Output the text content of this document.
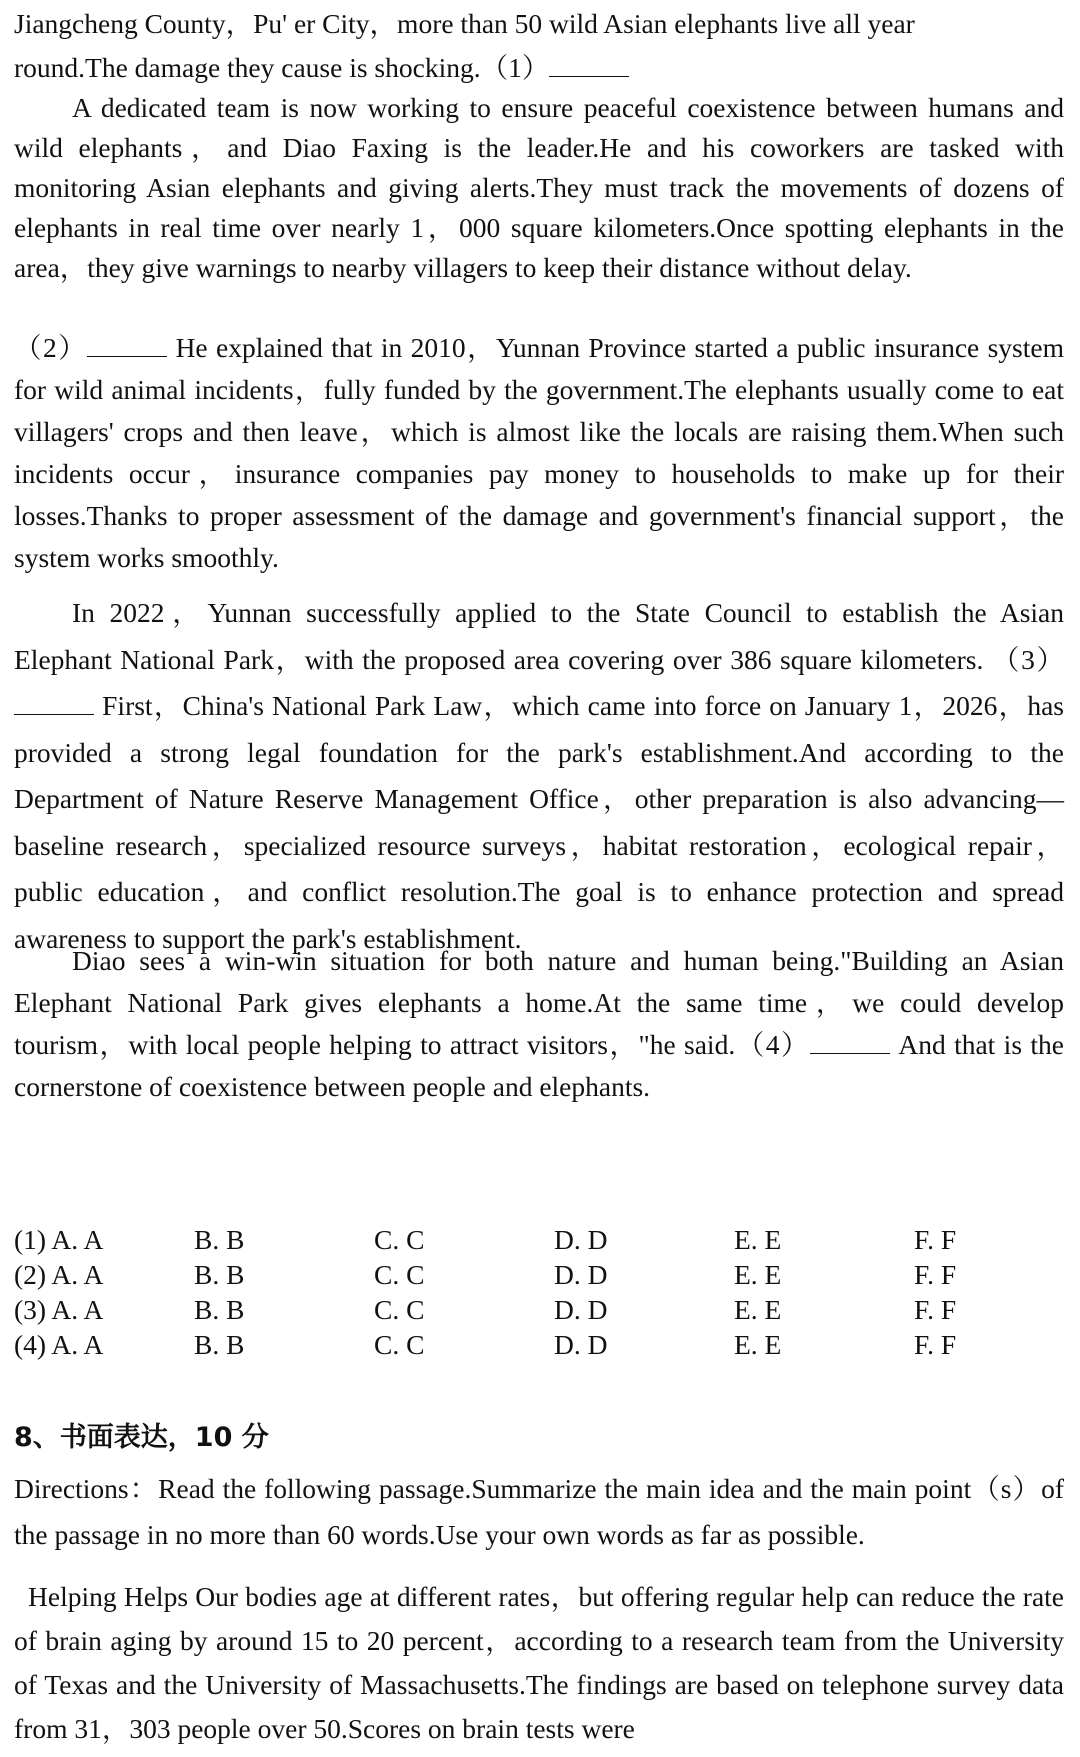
Jiangcheng County，Pu' er City，more than 50 wild Asian elephants live all year
round.The damage they cause is shocking.（1）

A dedicated team is now working to ensure peaceful coexistence between humans and wild elephants，and Diao Faxing is the leader.He and his coworkers are tasked with monitoring Asian elephants and giving alerts.They must track the movements of dozens of elephants in real time over nearly 1，000 square kilometers.Once spotting elephants in the area，they give warnings to nearby villagers to keep their distance without delay.

（2）	He explained that in 2010，Yunnan Province started a public insurance system for wild animal incidents，fully funded by the government.The elephants usually come to eat villagers' crops and then leave，which is almost like the locals are raising them.When such incidents occur，insurance companies pay money to households to make up for their losses.Thanks to proper assessment of the damage and government's financial support，the system works smoothly.

In 2022，Yunnan successfully applied to the State Council to establish the Asian Elephant National Park，with the proposed area covering over 386 square kilometers. （3） First，China's National Park Law，which came into force on January 1，2026，has provided a strong legal foundation for the park's establishment.And according to the Department of Nature Reserve Management Office，other preparation is also advancing— baseline research，specialized resource surveys，habitat restoration，ecological repair，public education，and conflict resolution.The goal is to enhance protection and spread awareness to support the park's establishment.

Diao sees a win-win situation for both nature and human being."Building an Asian Elephant National Park gives elephants a home.At the same time，we could develop tourism，with local people helping to attract visitors，"he said.（4）	And that is the cornerstone of coexistence between people and elephants.

(1) A. A	B. B	C. C	D. D	E. E	F. F
(2) A. A	B. B	C. C	D. D	E. E	F. F
(3) A. A	B. B	C. C	D. D	E. E	F. F
(4) A. A	B. B	C. C	D. D	E. E	F. F
8、书面表达，10 分

Directions：Read the following passage.Summarize the main idea and the main point（s）of the passage in no more than 60 words.Use your own words as far as possible.

Helping Helps Our bodies age at different rates，but offering regular help can reduce the rate of brain aging by around 15 to 20 percent，according to a research team from the University of Texas and the University of Massachusetts.The findings are based on telephone survey data from 31，303 people over 50.Scores on brain tests were
